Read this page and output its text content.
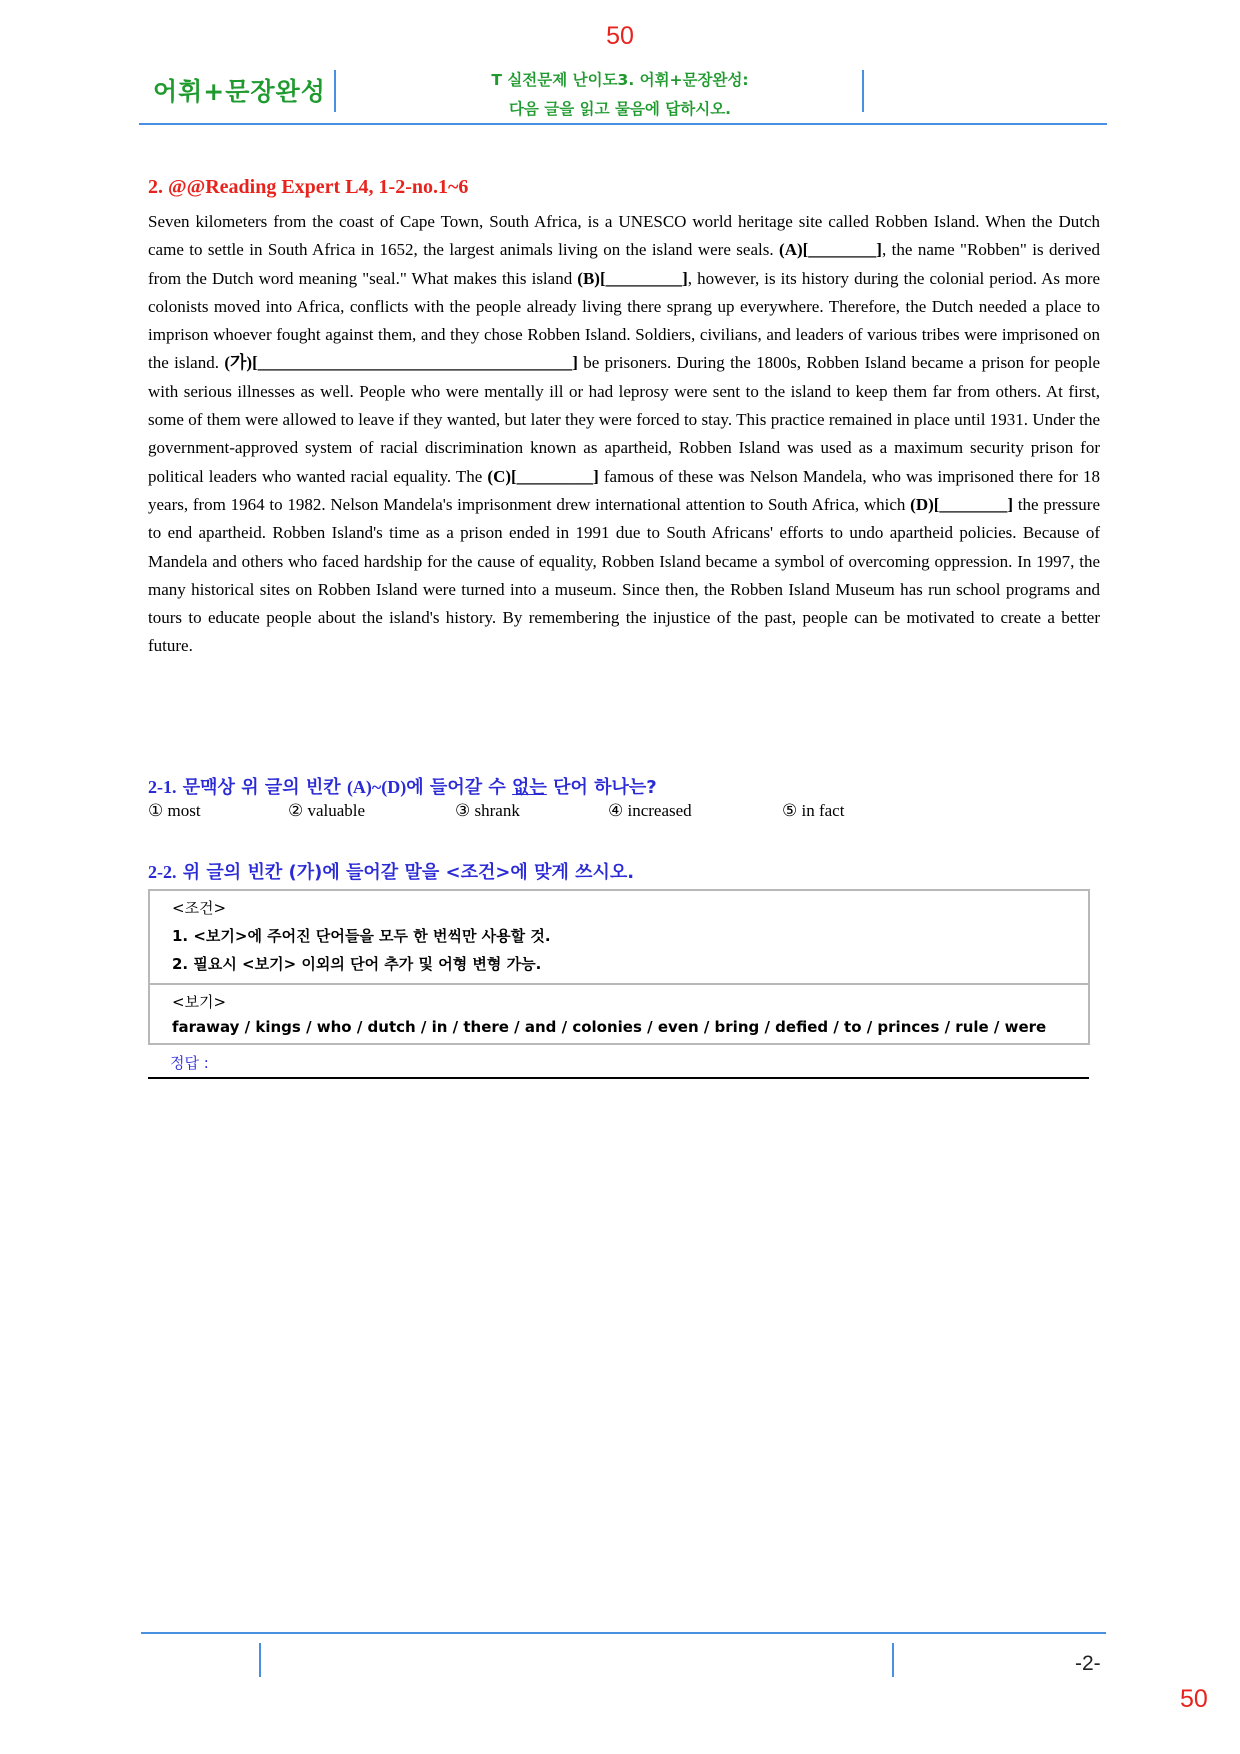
50
어휘+문장완성	T 실전문제 난이도3. 어휘+문장완성:
다음 글을 읽고 물음에 답하시오.
2. @@Reading Expert L4, 1-2-no.1~6
Seven kilometers from the coast of Cape Town, South Africa, is a UNESCO world heritage site called Robben Island. When the Dutch came to settle in South Africa in 1652, the largest animals living on the island were seals. (A)[________], the name "Robben" is derived from the Dutch word meaning "seal." What makes this island (B)[_________], however, is its history during the colonial period. As more colonists moved into Africa, conflicts with the people already living there sprang up everywhere. Therefore, the Dutch needed a place to imprison whoever fought against them, and they chose Robben Island. Soldiers, civilians, and leaders of various tribes were imprisoned on the island. (가)[_____________________________________] be prisoners. During the 1800s, Robben Island became a prison for people with serious illnesses as well. People who were mentally ill or had leprosy were sent to the island to keep them far from others. At first, some of them were allowed to leave if they wanted, but later they were forced to stay. This practice remained in place until 1931. Under the government-approved system of racial discrimination known as apartheid, Robben Island was used as a maximum security prison for political leaders who wanted racial equality. The (C)[_________] famous of these was Nelson Mandela, who was imprisoned there for 18 years, from 1964 to 1982. Nelson Mandela's imprisonment drew international attention to South Africa, which (D)[________] the pressure to end apartheid. Robben Island's time as a prison ended in 1991 due to South Africans' efforts to undo apartheid policies. Because of Mandela and others who faced hardship for the cause of equality, Robben Island became a symbol of overcoming oppression. In 1997, the many historical sites on Robben Island were turned into a museum. Since then, the Robben Island Museum has run school programs and tours to educate people about the island's history. By remembering the injustice of the past, people can be motivated to create a better future.
2-1. 문맥상 위 글의 빈칸 (A)~(D)에 들어갈 수 없는 단어 하나는?
① most	② valuable	③ shrank	④ increased	⑤ in fact
2-2. 위 글의 빈칸 (가)에 들어갈 말을 <조건>에 맞게 쓰시오.
<조건>
1. <보기>에 주어진 단어들을 모두 한 번씩만 사용할 것.
2. 필요시 <보기> 이외의 단어 추가 및 어형 변형 가능.
<보기>
faraway / kings / who / dutch / in / there / and / colonies / even / bring / defied / to / princes / rule / were
정답 :
-2-
50
